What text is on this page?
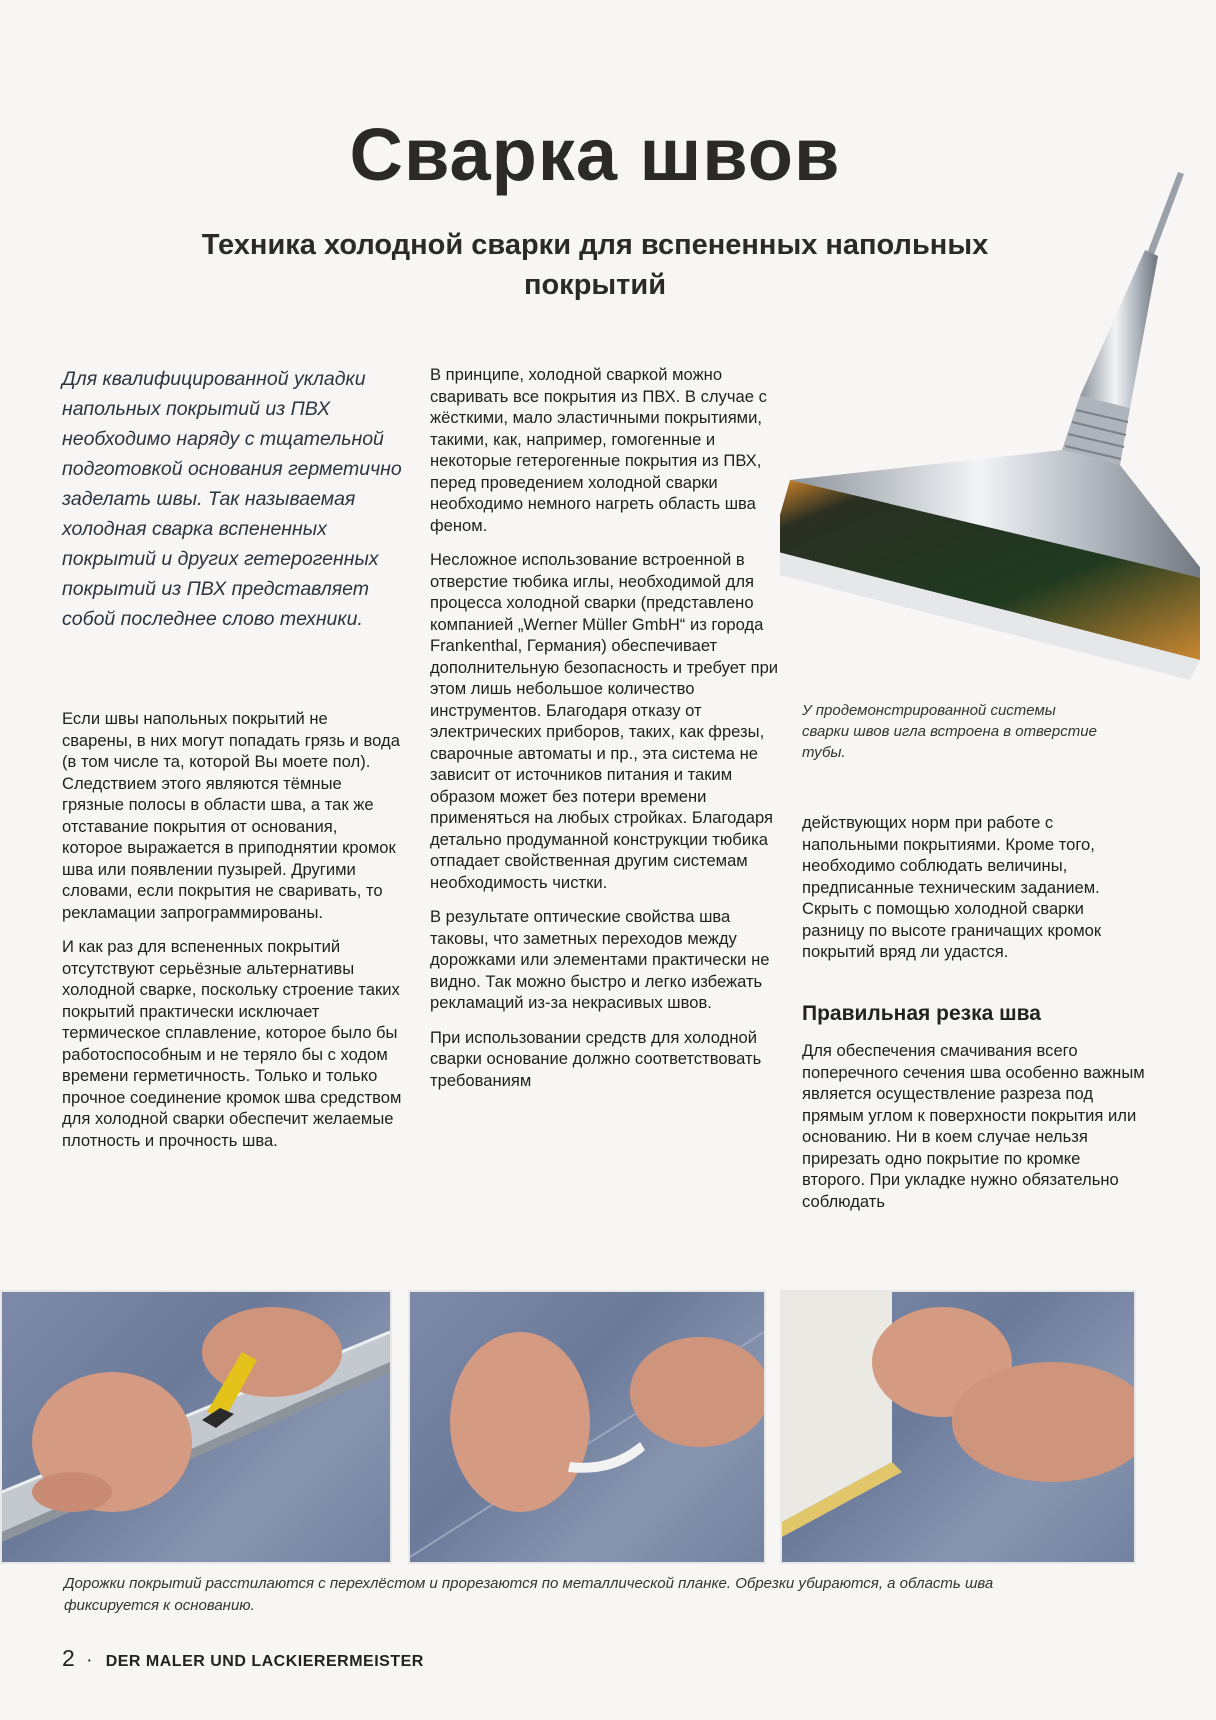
Сварка швов
Техника холодной сварки для вспененных напольных покрытий
Для квалифицированной укладки напольных покрытий из ПВХ необходимо наряду с тщательной подготовкой основания герметично заделать швы. Так называемая холодная сварка вспененных покрытий и других гетерогенных покрытий из ПВХ представляет собой последнее слово техники.

Если швы напольных покрытий не сварены, в них могут попадать грязь и вода (в том числе та, которой Вы моете пол). Следствием этого являются тёмные грязные полосы в области шва, а так же отставание покрытия от основания, которое выражается в приподнятии кромок шва или появлении пузырей. Другими словами, если покрытия не сваривать, то рекламации запрограммированы.

И как раз для вспененных покрытий отсутствуют серьёзные альтернативы холодной сварке, поскольку строение таких покрытий практически исключает термическое сплавление, которое было бы работоспособным и не теряло бы с ходом времени герметичность. Только и только прочное соединение кромок шва средством для холодной сварки обеспечит желаемые плотность и прочность шва.

В принципе, холодной сваркой можно сваривать все покрытия из ПВХ. В случае с жёсткими, мало эластичными покрытиями, такими, как, например, гомогенные и некоторые гетерогенные покрытия из ПВХ, перед проведением холодной сварки необходимо немного нагреть область шва феном.

Несложное использование встроенной в отверстие тюбика иглы, необходимой для процесса холодной сварки (представлено компанией „Werner Müller GmbH“ из города Frankenthal, Германия) обеспечивает дополнительную безопасность и требует при этом лишь небольшое количество инструментов. Благодаря отказу от электрических приборов, таких, как фрезы, сварочные автоматы и пр., эта система не зависит от источников питания и таким образом может без потери времени применяться на любых стройках. Благодаря детально продуманной конструкции тюбика отпадает свойственная другим системам необходимость чистки.

В результате оптические свойства шва таковы, что заметных переходов между дорожками или элементами практически не видно. Так можно быстро и легко избежать рекламаций из-за некрасивых швов.

При использовании средств для холодной сварки основание должно соответствовать требованиям

У продемонстрированной системы сварки швов игла встроена в отверстие тубы.

действующих норм при работе с напольными покрытиями. Кроме того, необходимо соблюдать величины, предписанные техническим заданием. Скрыть с помощью холодной сварки разницу по высоте граничащих кромок покрытий вряд ли удастся.

Правильная резка шва

Для обеспечения смачивания всего поперечного сечения шва особенно важным является осуществление разреза под прямым углом к поверхности покрытия или основанию. Ни в коем случае нельзя прирезать одно покрытие по кромке второго. При укладке нужно обязательно соблюдать

Дорожки покрытий расстилаются с перехлёстом и прорезаются по металлической планке. Обрезки убираются, а область шва фиксируется к основанию.
2 · DER MALER UND LACKIERERMEISTER
